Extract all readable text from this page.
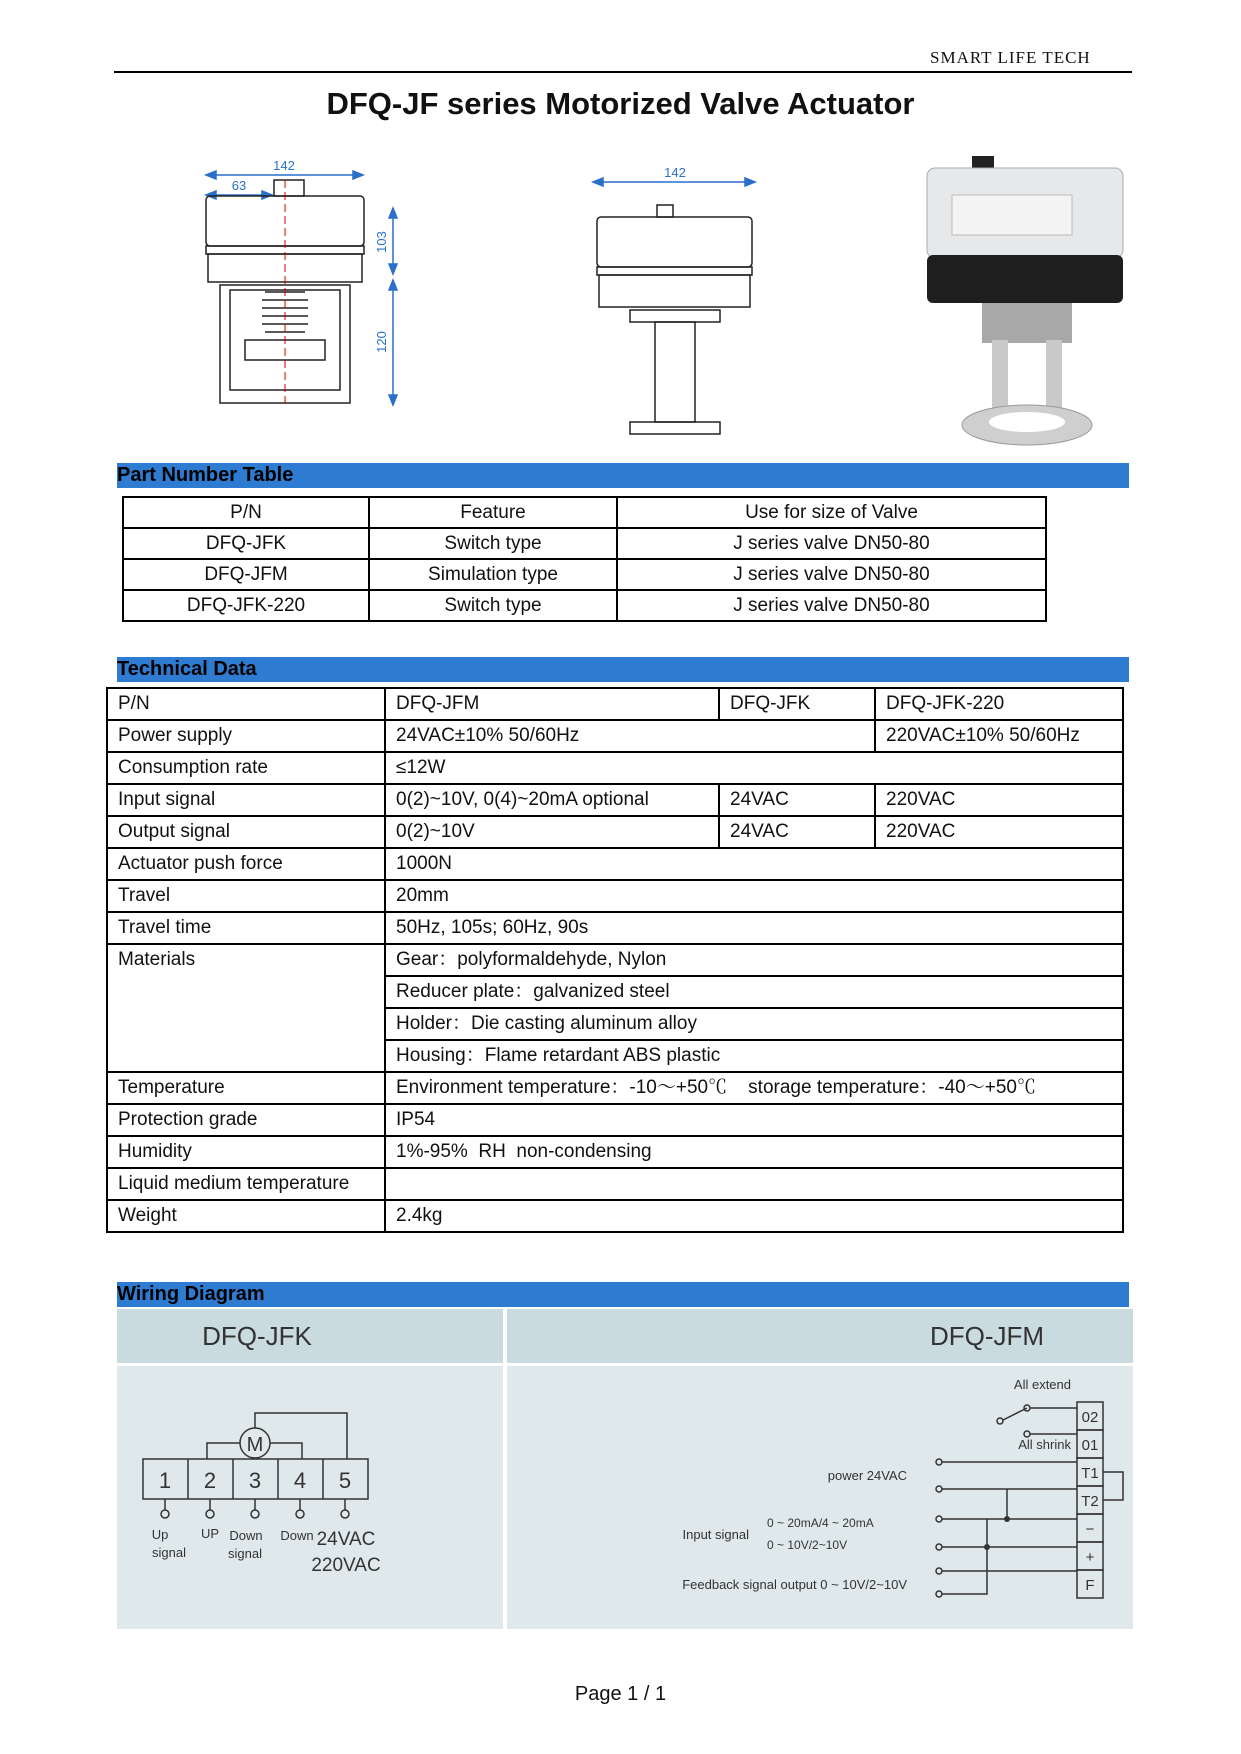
SMART LIFE TECH
DFQ-JF series Motorized Valve Actuator
142
63
103
120
142
Part Number Table
P/N	Feature	Use for size of Valve
DFQ-JFK	Switch type	J series valve DN50-80
DFQ-JFM	Simulation type	J series valve DN50-80
DFQ-JFK-220	Switch type	J series valve DN50-80
Technical Data
P/N	DFQ-JFM	DFQ-JFK	DFQ-JFK-220
Power supply	24VAC±10% 50/60Hz		220VAC±10% 50/60Hz
Consumption rate	≤12W		
Input signal	0(2)~10V, 0(4)~20mA optional	24VAC	220VAC
Output signal	0(2)~10V	24VAC	220VAC
Actuator push force	1000N		
Travel	20mm		
Travel time	50Hz, 105s; 60Hz, 90s		
Materials	Gear：polyformaldehyde, Nylon		
	Reducer plate：galvanized steel		
	Holder：Die casting aluminum alloy		
	Housing：Flame retardant ABS plastic		
Temperature	Environment temperature：-10～+50℃    storage temperature：-40～+50℃		
Protection grade	IP54		
Humidity	1%-95%  RH  non-condensing		
Liquid medium temperature			
Weight	2.4kg		
Wiring Diagram
DFQ-JFK	DFQ-JFM
M
1 2 3 4 5
Up
signal
UP Down
signal
Down 24VAC
220VAC
02
01
T1
T2
−
+
F
All extend
All shrink
power 24VAC
Input signal
0 ~ 20mA/4 ~ 20mA
0 ~ 10V/2~10V
Feedback signal output 0 ~ 10V/2~10V
Page 1 / 1
